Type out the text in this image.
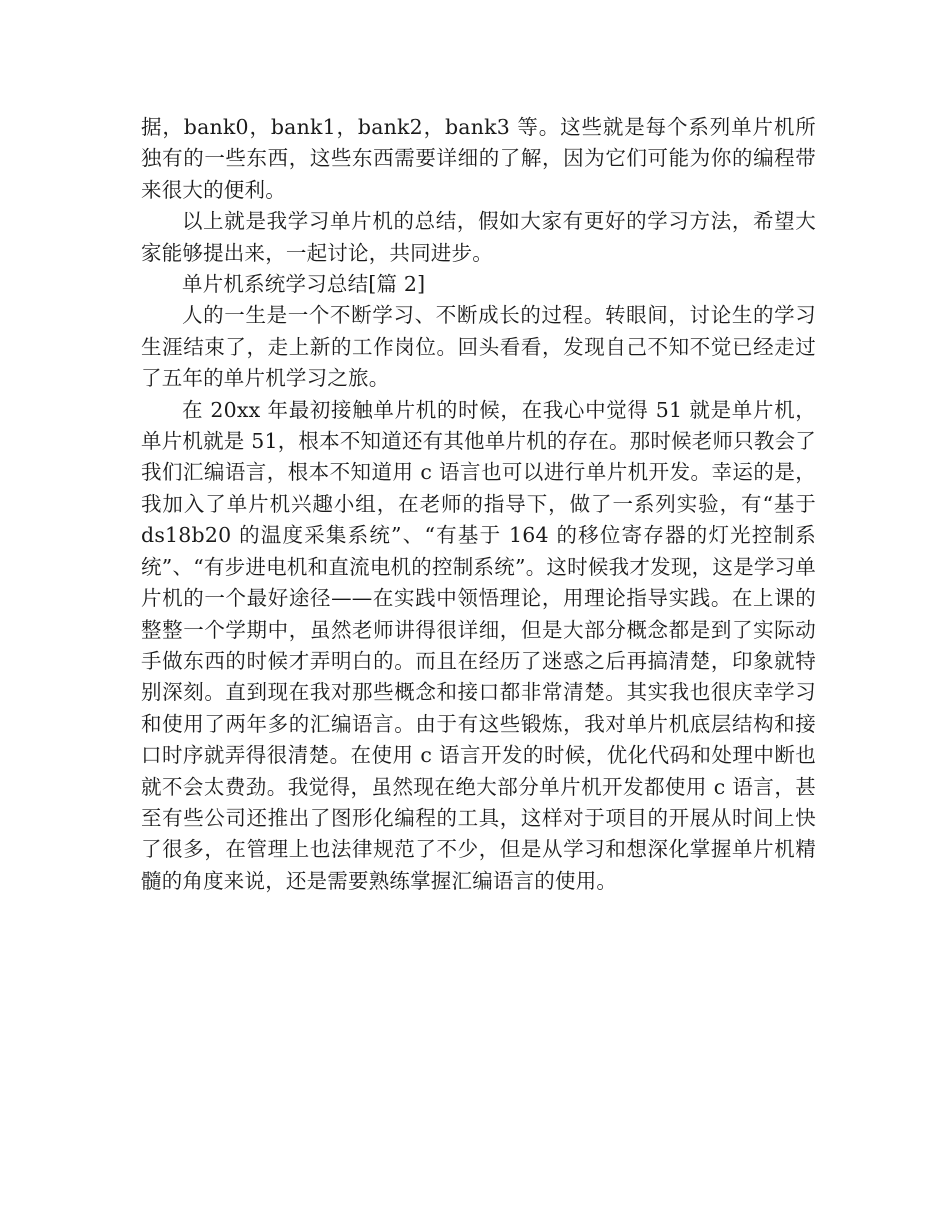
据，bank0，bank1，bank2，bank3 等。这些就是每个系列单片机所独有的一些东西，这些东西需要详细的了解，因为它们可能为你的编程带来很大的便利。

以上就是我学习单片机的总结，假如大家有更好的学习方法，希望大家能够提出来，一起讨论，共同进步。

单片机系统学习总结[篇 2]

人的一生是一个不断学习、不断成长的过程。转眼间，讨论生的学习生涯结束了，走上新的工作岗位。回头看看，发现自己不知不觉已经走过了五年的单片机学习之旅。

在 20xx 年最初接触单片机的时候，在我心中觉得 51 就是单片机，单片机就是 51，根本不知道还有其他单片机的存在。那时候老师只教会了我们汇编语言，根本不知道用 c 语言也可以进行单片机开发。幸运的是，我加入了单片机兴趣小组，在老师的指导下，做了一系列实验，有“基于 ds18b20 的温度采集系统”、“有基于 164 的移位寄存器的灯光控制系统”、“有步进电机和直流电机的控制系统”。这时候我才发现，这是学习单片机的一个最好途径——在实践中领悟理论，用理论指导实践。在上课的整整一个学期中，虽然老师讲得很详细，但是大部分概念都是到了实际动手做东西的时候才弄明白的。而且在经历了迷惑之后再搞清楚，印象就特别深刻。直到现在我对那些概念和接口都非常清楚。其实我也很庆幸学习和使用了两年多的汇编语言。由于有这些锻炼，我对单片机底层结构和接口时序就弄得很清楚。在使用 c 语言开发的时候，优化代码和处理中断也就不会太费劲。我觉得，虽然现在绝大部分单片机开发都使用 c 语言，甚至有些公司还推出了图形化编程的工具，这样对于项目的开展从时间上快了很多，在管理上也法律规范了不少，但是从学习和想深化掌握单片机精髓的角度来说，还是需要熟练掌握汇编语言的使用。
